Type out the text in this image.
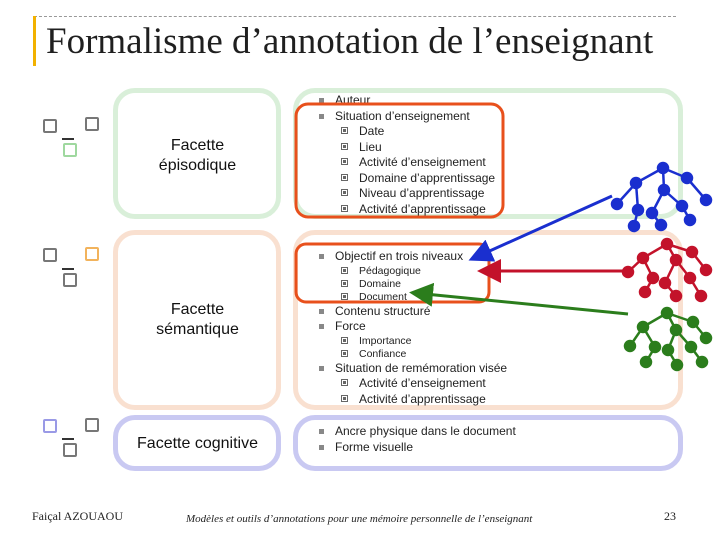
Formalisme d’annotation de l’enseignant
Facette
épisodique
Facette
sémantique
Facette cognitive
Auteur
Situation d’enseignement
Date
Lieu
Activité d’enseignement
Domaine d’apprentissage
Niveau d’apprentissage
Activité d’apprentissage
Objectif en trois niveaux
Pédagogique
Domaine
Document
Contenu structuré
Force
Importance
Confiance
Situation de remémoration visée
Activité d’enseignement
Activité d’apprentissage
Ancre physique dans le document
Forme visuelle
Faiçal AZOUAOU	Modèles et outils d’annotations pour une mémoire personnelle de l’enseignant	23
